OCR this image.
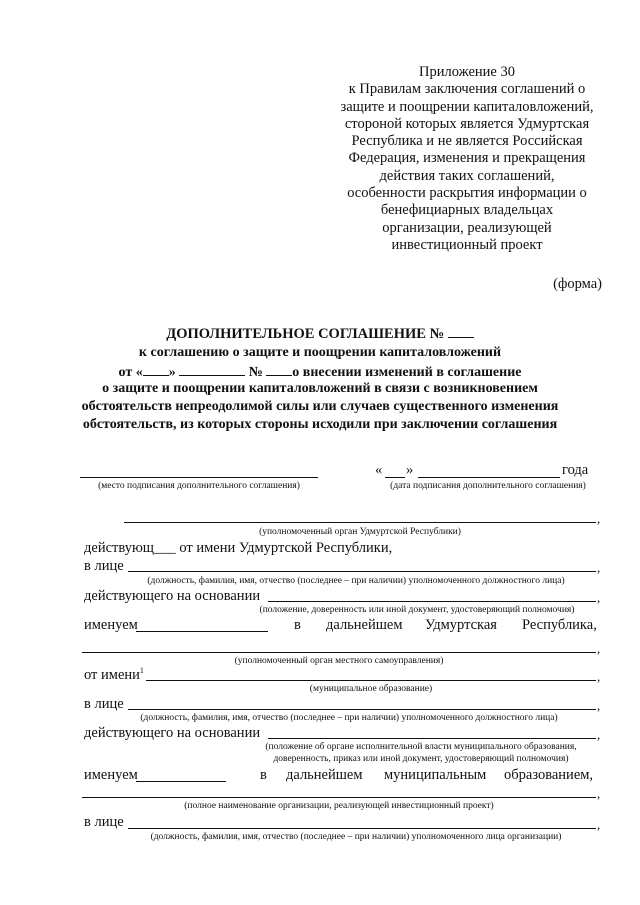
Приложение 30
к Правилам заключения соглашений о
защите и поощрении капиталовложений,
стороной которых является Удмуртская
Республика и не является Российская
Федерация, изменения и прекращения
действия таких соглашений,
особенности раскрытия информации о
бенефициарных владельцах
организации, реализующей
инвестиционный проект
(форма)
ДОПОЛНИТЕЛЬНОЕ СОГЛАШЕНИЕ №
к соглашению о защите и поощрении капиталовложений
от « »	№ о внесении изменений в соглашение
о защите и поощрении капиталовложений в связи с возникновением
обстоятельств непреодолимой силы или случаев существенного изменения
обстоятельств, из которых стороны исходили при заключении соглашения
(место подписания дополнительного соглашения)
« »	года
(дата подписания дополнительного соглашения)
,
(уполномоченный орган Удмуртской Республики)
действующ___ от имени Удмуртской Республики,
в лице	,
(должность, фамилия, имя, отчество (последнее – при наличии) уполномоченного должностного лица)
действующего на основании	,
(положение, доверенность или иной документ, удостоверяющий полномочия)
именуем	в дальнейшем Удмуртская Республика,
,
(уполномоченный орган местного самоуправления)
от имени$^1$	,
(муниципальное образование)
в лице	,
(должность, фамилия, имя, отчество (последнее – при наличии) уполномоченного должностного лица)
действующего на основании	,
(положение об органе исполнительной власти муниципального образования,
доверенность, приказ или иной документ, удостоверяющий полномочия)
именуем	в дальнейшем муниципальным образованием,
,
(полное наименование организации, реализующей инвестиционный проект)
в лице	,
(должность, фамилия, имя, отчество (последнее – при наличии) уполномоченного лица организации)
